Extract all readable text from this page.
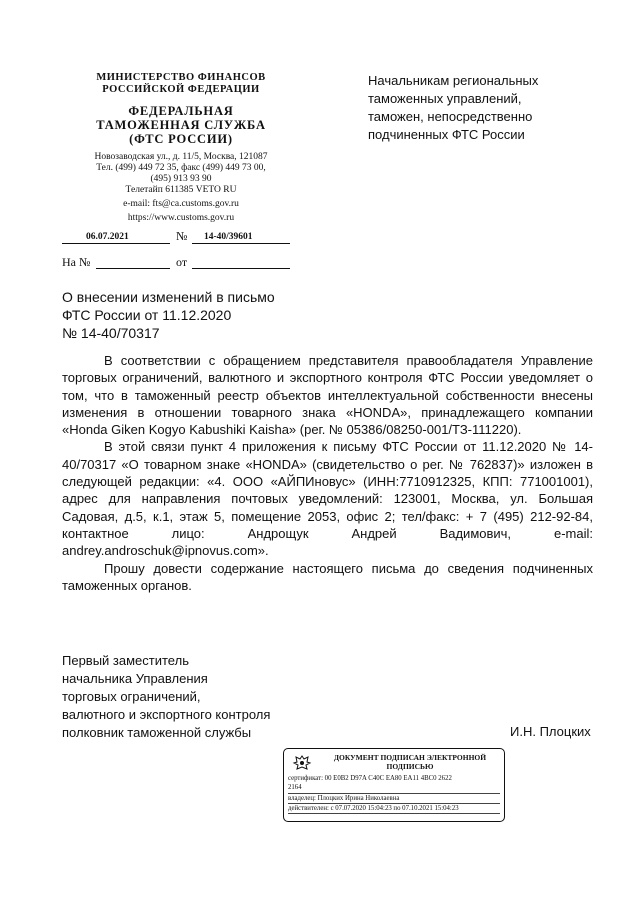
МИНИСТЕРСТВО ФИНАНСОВ
РОССИЙСКОЙ ФЕДЕРАЦИИ
ФЕДЕРАЛЬНАЯ
ТАМОЖЕННАЯ СЛУЖБА
(ФТС РОССИИ)
Новозаводская ул., д. 11/5, Москва, 121087
Тел. (499) 449 72 35, факс (499) 449 73 00,
(495) 913 93 90
Телетайп 611385 VETO RU
e-mail: fts@ca.customs.gov.ru
https://www.customs.gov.ru
06.07.2021	№ 14-40/39601
На №	от
Начальникам региональных
таможенных управлений,
таможен, непосредственно
подчиненных ФТС России
О внесении изменений в письмо
ФТС России от 11.12.2020
№ 14-40/70317

В соответствии с обращением представителя правообладателя Управление торговых ограничений, валютного и экспортного контроля ФТС России уведомляет о том, что в таможенный реестр объектов интеллектуальной собственности внесены изменения в отношении товарного знака «HONDA», принадлежащего компании «Honda Giken Kogyo Kabushiki Kaisha» (рег. № 05386/08250-001/ТЗ-111220).

В этой связи пункт 4 приложения к письму ФТС России от 11.12.2020 № 14-40/70317 «О товарном знаке «HONDA» (свидетельство о рег. № 762837)» изложен в следующей редакции: «4. ООО «АЙПИновус» (ИНН:7710912325, КПП: 771001001), адрес для направления почтовых уведомлений: 123001, Москва, ул. Большая Садовая, д.5, к.1, этаж 5, помещение 2053, офис 2; тел/факс: + 7 (495) 212-92-84, контактное лицо: Андрощук Андрей Вадимович, e-mail: andrey.androschuk@ipnovus.com».

Прошу довести содержание настоящего письма до сведения подчиненных таможенных органов.

Первый заместитель
начальника Управления
торговых ограничений,
валютного и экспортного контроля
полковник таможенной службы	И.Н. Плоцких
ДОКУМЕНТ ПОДПИСАН ЭЛЕКТРОННОЙ
ПОДПИСЬЮ
сертификат: 00 E0B2 D97A C40C EA80 EA11 4BC0 2622
2164
владелец: Плоцких Ирина Николаевна
действителен: с 07.07.2020 15:04:23 по 07.10.2021 15:04:23
